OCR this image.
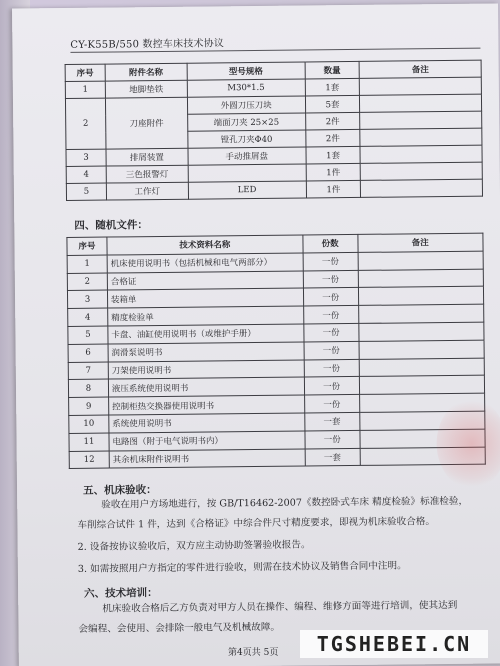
CY-K55B/550 数控车床技术协议
序号	附件名称	型号规格	数量	备注
1	地脚垫铁	M30*1.5	1套	
2	刀座附件	外圆刀压刀块	5套	
		端面刀夹 25×25	2件	
		镗孔刀夹Φ40	2件	
3	排屑装置	手动推屑盘	1套	
4	三色报警灯		1件	
5	工作灯	LED	1件	
四、随机文件：
序号	技术资料名称	份数	备注
1	机床使用说明书（包括机械和电气两部分）	一份	
2	合格证	一份	
3	装箱单	一份	
4	精度检验单	一份	
5	卡盘、油缸使用说明书（或维护手册）	一份	
6	润滑泵说明书	一份	
7	刀架使用说明书	一份	
8	液压系统使用说明书	一份	
9	控制柜热交换器使用说明书	一份	
10	系统使用说明书	一套	
11	电路图（附于电气说明书内）	一份	
12	其余机床附件说明书	一套	
五、机床验收：
验收在用户方场地进行，按 GB/T16462-2007《数控卧式车床 精度检验》标准检验，
车削综合试件 1 件，达到《合格证》中综合件尺寸精度要求，即视为机床验收合格。
2. 设备按协议验收后，双方应主动协助签署验收报告。
3. 如需按照用户方指定的零件进行验收，则需在技术协议及销售合同中注明。
六、技术培训：
机床验收合格后乙方负责对甲方人员在操作、编程、维修方面等进行培训，使其达到
会编程、会使用、会排除一般电气及机械故障。
第4页共 5页	TGSHEBEI.CN
